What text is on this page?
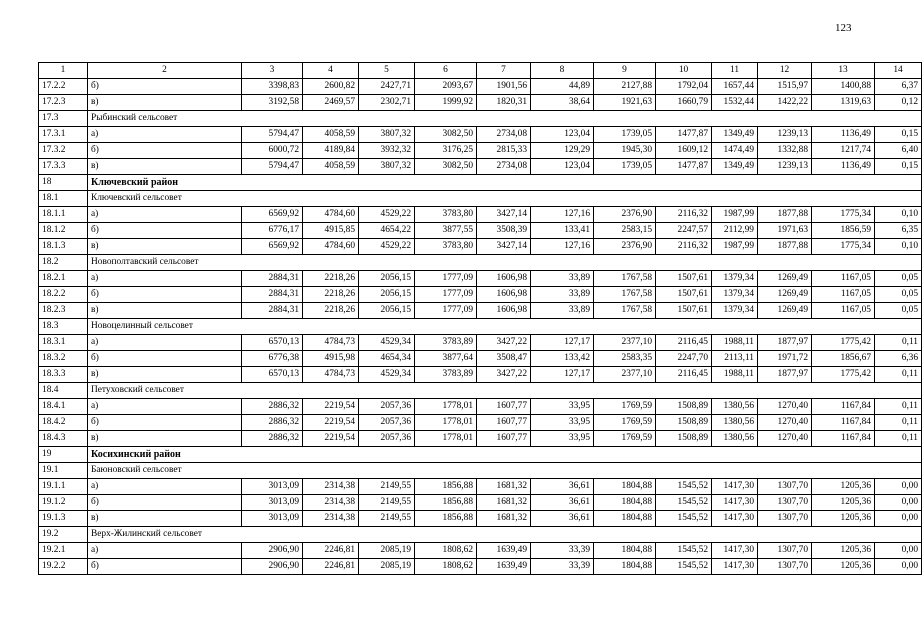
123
1	2	3	4	5	6	7	8	9	10	11	12	13	14
17.2.2	б)	3398,83	2600,82	2427,71	2093,67	1901,56	44,89	2127,88	1792,04	1657,44	1515,97	1400,88	6,37
17.2.3	в)	3192,58	2469,57	2302,71	1999,92	1820,31	38,64	1921,63	1660,79	1532,44	1422,22	1319,63	0,12
17.3	Рыбинский сельсовет												
17.3.1	а)	5794,47	4058,59	3807,32	3082,50	2734,08	123,04	1739,05	1477,87	1349,49	1239,13	1136,49	0,15
17.3.2	б)	6000,72	4189,84	3932,32	3176,25	2815,33	129,29	1945,30	1609,12	1474,49	1332,88	1217,74	6,40
17.3.3	в)	5794,47	4058,59	3807,32	3082,50	2734,08	123,04	1739,05	1477,87	1349,49	1239,13	1136,49	0,15
18	Ключевский район												
18.1	Ключевский сельсовет												
18.1.1	а)	6569,92	4784,60	4529,22	3783,80	3427,14	127,16	2376,90	2116,32	1987,99	1877,88	1775,34	0,10
18.1.2	б)	6776,17	4915,85	4654,22	3877,55	3508,39	133,41	2583,15	2247,57	2112,99	1971,63	1856,59	6,35
18.1.3	в)	6569,92	4784,60	4529,22	3783,80	3427,14	127,16	2376,90	2116,32	1987,99	1877,88	1775,34	0,10
18.2	Новополтавский сельсовет												
18.2.1	а)	2884,31	2218,26	2056,15	1777,09	1606,98	33,89	1767,58	1507,61	1379,34	1269,49	1167,05	0,05
18.2.2	б)	2884,31	2218,26	2056,15	1777,09	1606,98	33,89	1767,58	1507,61	1379,34	1269,49	1167,05	0,05
18.2.3	в)	2884,31	2218,26	2056,15	1777,09	1606,98	33,89	1767,58	1507,61	1379,34	1269,49	1167,05	0,05
18.3	Новоцелинный сельсовет												
18.3.1	а)	6570,13	4784,73	4529,34	3783,89	3427,22	127,17	2377,10	2116,45	1988,11	1877,97	1775,42	0,11
18.3.2	б)	6776,38	4915,98	4654,34	3877,64	3508,47	133,42	2583,35	2247,70	2113,11	1971,72	1856,67	6,36
18.3.3	в)	6570,13	4784,73	4529,34	3783,89	3427,22	127,17	2377,10	2116,45	1988,11	1877,97	1775,42	0,11
18.4	Петуховский сельсовет												
18.4.1	а)	2886,32	2219,54	2057,36	1778,01	1607,77	33,95	1769,59	1508,89	1380,56	1270,40	1167,84	0,11
18.4.2	б)	2886,32	2219,54	2057,36	1778,01	1607,77	33,95	1769,59	1508,89	1380,56	1270,40	1167,84	0,11
18.4.3	в)	2886,32	2219,54	2057,36	1778,01	1607,77	33,95	1769,59	1508,89	1380,56	1270,40	1167,84	0,11
19	Косихинский район												
19.1	Баюновский сельсовет												
19.1.1	а)	3013,09	2314,38	2149,55	1856,88	1681,32	36,61	1804,88	1545,52	1417,30	1307,70	1205,36	0,00
19.1.2	б)	3013,09	2314,38	2149,55	1856,88	1681,32	36,61	1804,88	1545,52	1417,30	1307,70	1205,36	0,00
19.1.3	в)	3013,09	2314,38	2149,55	1856,88	1681,32	36,61	1804,88	1545,52	1417,30	1307,70	1205,36	0,00
19.2	Верх-Жилинский сельсовет												
19.2.1	а)	2906,90	2246,81	2085,19	1808,62	1639,49	33,39	1804,88	1545,52	1417,30	1307,70	1205,36	0,00
19.2.2	б)	2906,90	2246,81	2085,19	1808,62	1639,49	33,39	1804,88	1545,52	1417,30	1307,70	1205,36	0,00
